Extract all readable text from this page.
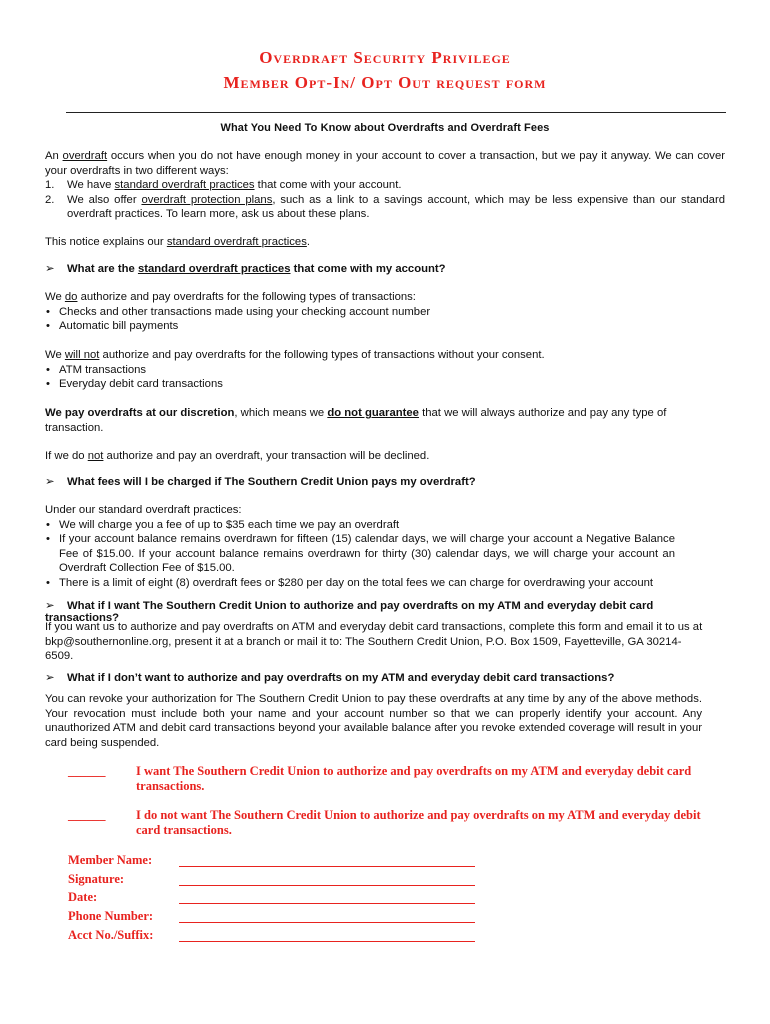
Overdraft Security Privilege
Member Opt-In/ Opt Out request form
What You Need To Know about Overdrafts and Overdraft Fees
An overdraft occurs when you do not have enough money in your account to cover a transaction, but we pay it anyway. We can cover your overdrafts in two different ways:
1. We have standard overdraft practices that come with your account.
2. We also offer overdraft protection plans, such as a link to a savings account, which may be less expensive than our standard overdraft practices. To learn more, ask us about these plans.
This notice explains our standard overdraft practices.
➢ What are the standard overdraft practices that come with my account?
We do authorize and pay overdrafts for the following types of transactions:
• Checks and other transactions made using your checking account number
• Automatic bill payments
We will not authorize and pay overdrafts for the following types of transactions without your consent.
• ATM transactions
• Everyday debit card transactions
We pay overdrafts at our discretion, which means we do not guarantee that we will always authorize and pay any type of transaction.
If we do not authorize and pay an overdraft, your transaction will be declined.
➢ What fees will I be charged if The Southern Credit Union pays my overdraft?
Under our standard overdraft practices:
• We will charge you a fee of up to $35 each time we pay an overdraft
• If your account balance remains overdrawn for fifteen (15) calendar days, we will charge your account a Negative Balance Fee of $15.00. If your account balance remains overdrawn for thirty (30) calendar days, we will charge your account an Overdraft Collection Fee of $15.00.
• There is a limit of eight (8) overdraft fees or $280 per day on the total fees we can charge for overdrawing your account
➢ What if I want The Southern Credit Union to authorize and pay overdrafts on my ATM and everyday debit card transactions?
If you want us to authorize and pay overdrafts on ATM and everyday debit card transactions, complete this form and email it to us at bkp@southernonline.org, present it at a branch or mail it to: The Southern Credit Union, P.O. Box 1509, Fayetteville, GA 30214-6509.
➢ What if I don’t want to authorize and pay overdrafts on my ATM and everyday debit card transactions?
You can revoke your authorization for The Southern Credit Union to pay these overdrafts at any time by any of the above methods. Your revocation must include both your name and your account number so that we can properly identify your account. Any unauthorized ATM and debit card transactions beyond your available balance after you revoke extended coverage will result in your card being suspended.
______ I want The Southern Credit Union to authorize and pay overdrafts on my ATM and everyday debit card transactions.
______ I do not want The Southern Credit Union to authorize and pay overdrafts on my ATM and everyday debit card transactions.
Member Name:
Signature:
Date:
Phone Number:
Acct No./Suffix:
